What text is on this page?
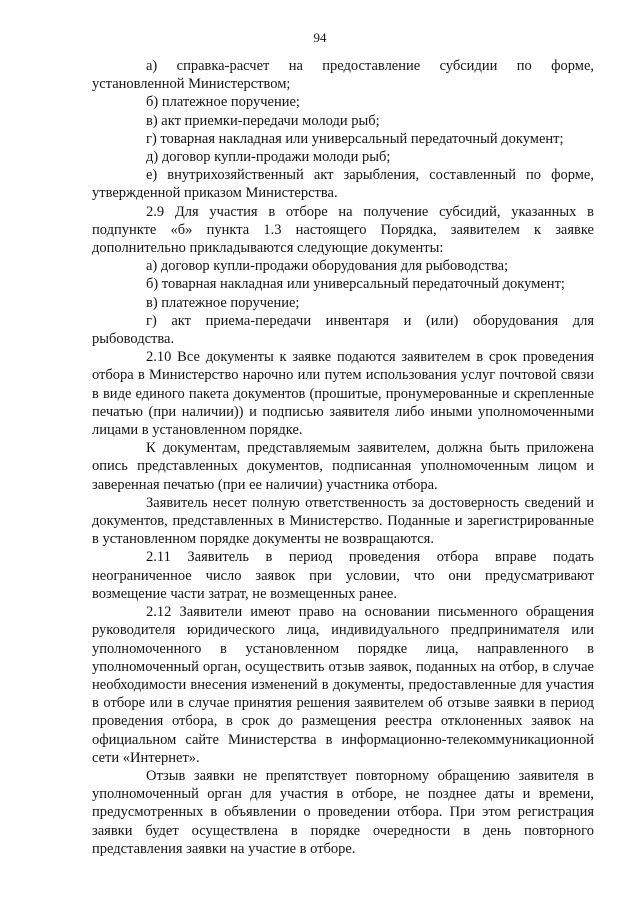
94

а) справка-расчет на предоставление субсидии по форме, установленной Министерством;

б) платежное поручение;

в) акт приемки-передачи молоди рыб;

г) товарная накладная или универсальный передаточный документ;

д) договор купли-продажи молоди рыб;

е) внутрихозяйственный акт зарыбления, составленный по форме, утвержденной приказом Министерства.

2.9 Для участия в отборе на получение субсидий, указанных в подпункте «б» пункта 1.3 настоящего Порядка, заявителем к заявке дополнительно прикладываются следующие документы:

а) договор купли-продажи оборудования для рыбоводства;

б) товарная накладная или универсальный передаточный документ;

в) платежное поручение;

г) акт приема-передачи инвентаря и (или) оборудования для рыбоводства.

2.10 Все документы к заявке подаются заявителем в срок проведения отбора в Министерство нарочно или путем использования услуг почтовой связи в виде единого пакета документов (прошитые, пронумерованные и скрепленные печатью (при наличии)) и подписью заявителя либо иными уполномоченными лицами в установленном порядке.

К документам, представляемым заявителем, должна быть приложена опись представленных документов, подписанная уполномоченным лицом и заверенная печатью (при ее наличии) участника отбора.

Заявитель несет полную ответственность за достоверность сведений и документов, представленных в Министерство. Поданные и зарегистрированные в установленном порядке документы не возвращаются.

2.11 Заявитель в период проведения отбора вправе подать неограниченное число заявок при условии, что они предусматривают возмещение части затрат, не возмещенных ранее.

2.12 Заявители имеют право на основании письменного обращения руководителя юридического лица, индивидуального предпринимателя или уполномоченного в установленном порядке лица, направленного в уполномоченный орган, осуществить отзыв заявок, поданных на отбор, в случае необходимости внесения изменений в документы, предоставленные для участия в отборе или в случае принятия решения заявителем об отзыве заявки в период проведения отбора, в срок до размещения реестра отклоненных заявок на официальном сайте Министерства в информационно-телекоммуникационной сети «Интернет».

Отзыв заявки не препятствует повторному обращению заявителя в уполномоченный орган для участия в отборе, не позднее даты и времени, предусмотренных в объявлении о проведении отбора. При этом регистрация заявки будет осуществлена в порядке очередности в день повторного представления заявки на участие в отборе.
